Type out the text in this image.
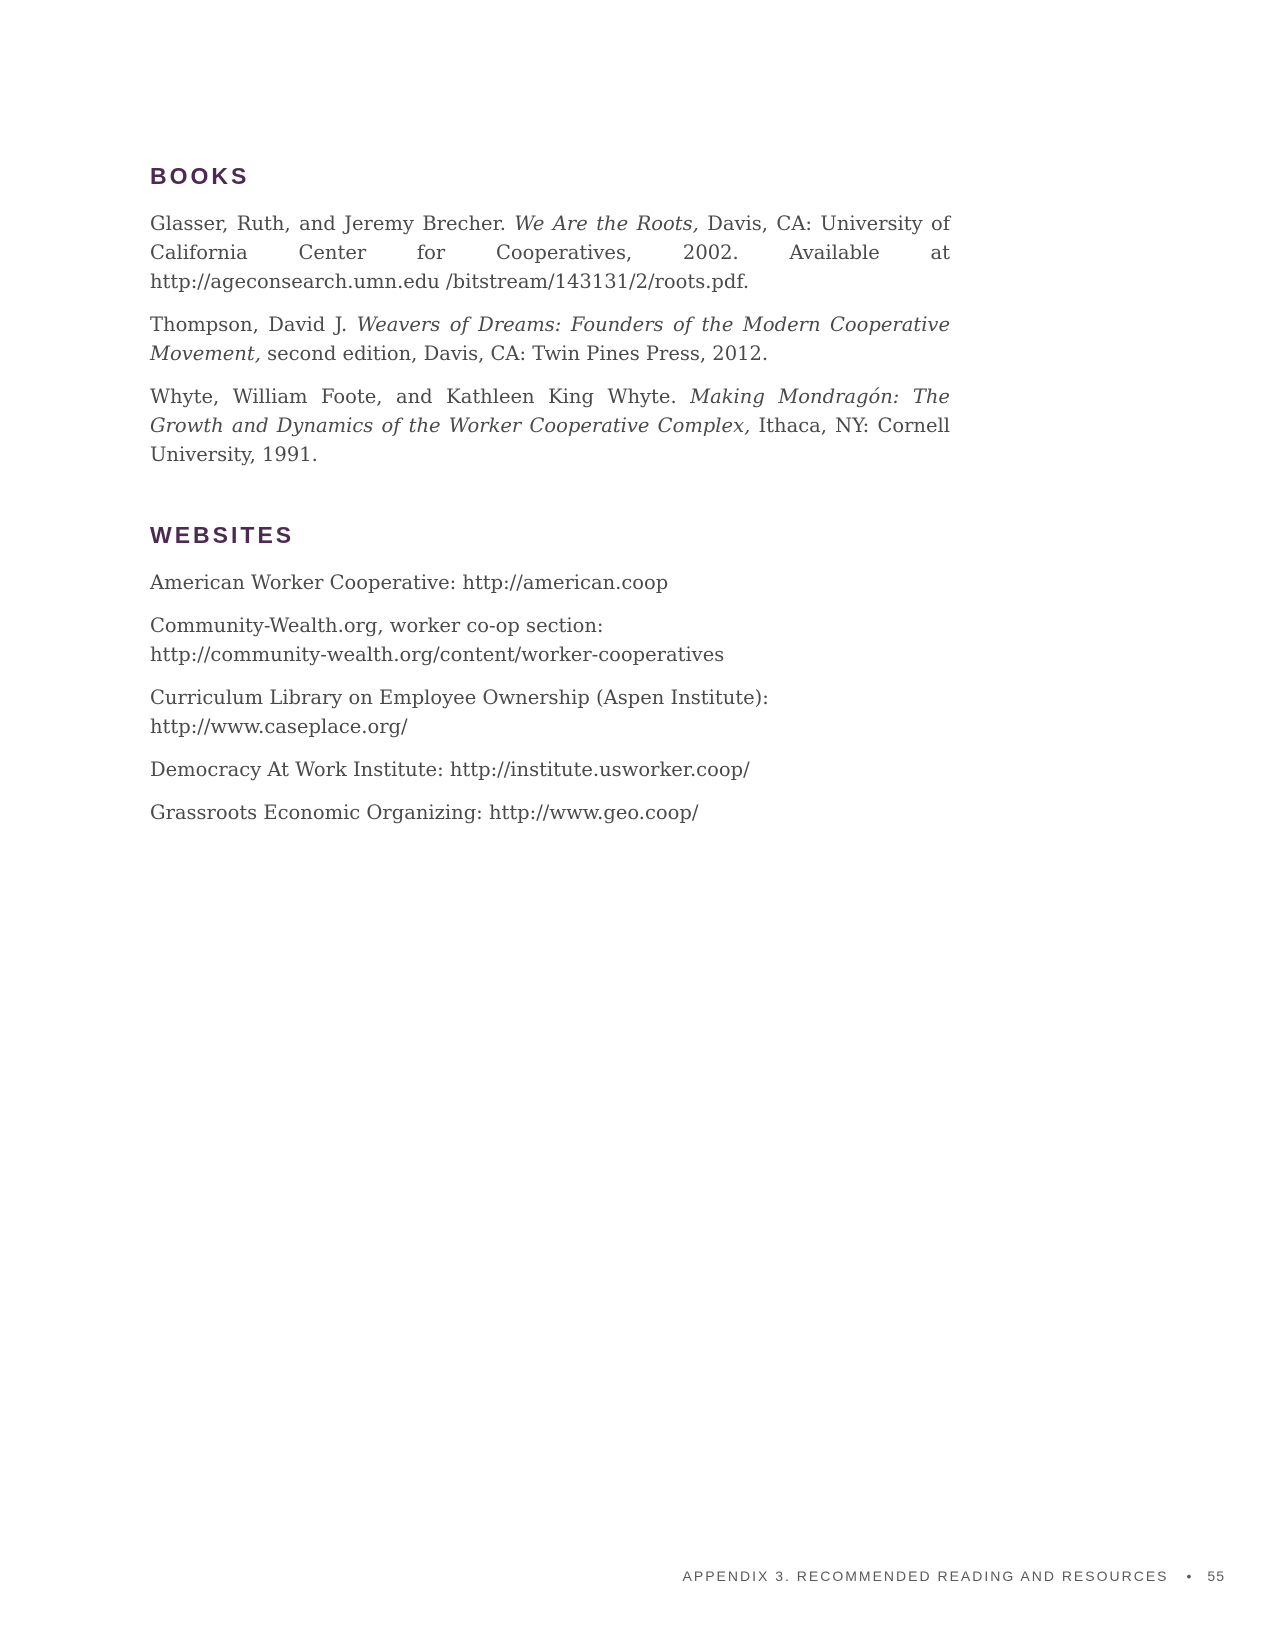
BOOKS

Glasser, Ruth, and Jeremy Brecher. We Are the Roots, Davis, CA: University of California Center for Cooperatives, 2002. Available at http://ageconsearch.umn.edu /bitstream/143131/2/roots.pdf.

Thompson, David J. Weavers of Dreams: Founders of the Modern Cooperative Movement, second edition, Davis, CA: Twin Pines Press, 2012.

Whyte, William Foote, and Kathleen King Whyte. Making Mondragón: The Growth and Dynamics of the Worker Cooperative Complex, Ithaca, NY: Cornell University, 1991.

WEBSITES

American Worker Cooperative: http://american.coop

Community-Wealth.org, worker co-op section:
http://community-wealth.org/content/worker-cooperatives

Curriculum Library on Employee Ownership (Aspen Institute):
http://www.caseplace.org/

Democracy At Work Institute: http://institute.usworker.coop/

Grassroots Economic Organizing: http://www.geo.coop/

APPENDIX 3. RECOMMENDED READING AND RESOURCES • 55
